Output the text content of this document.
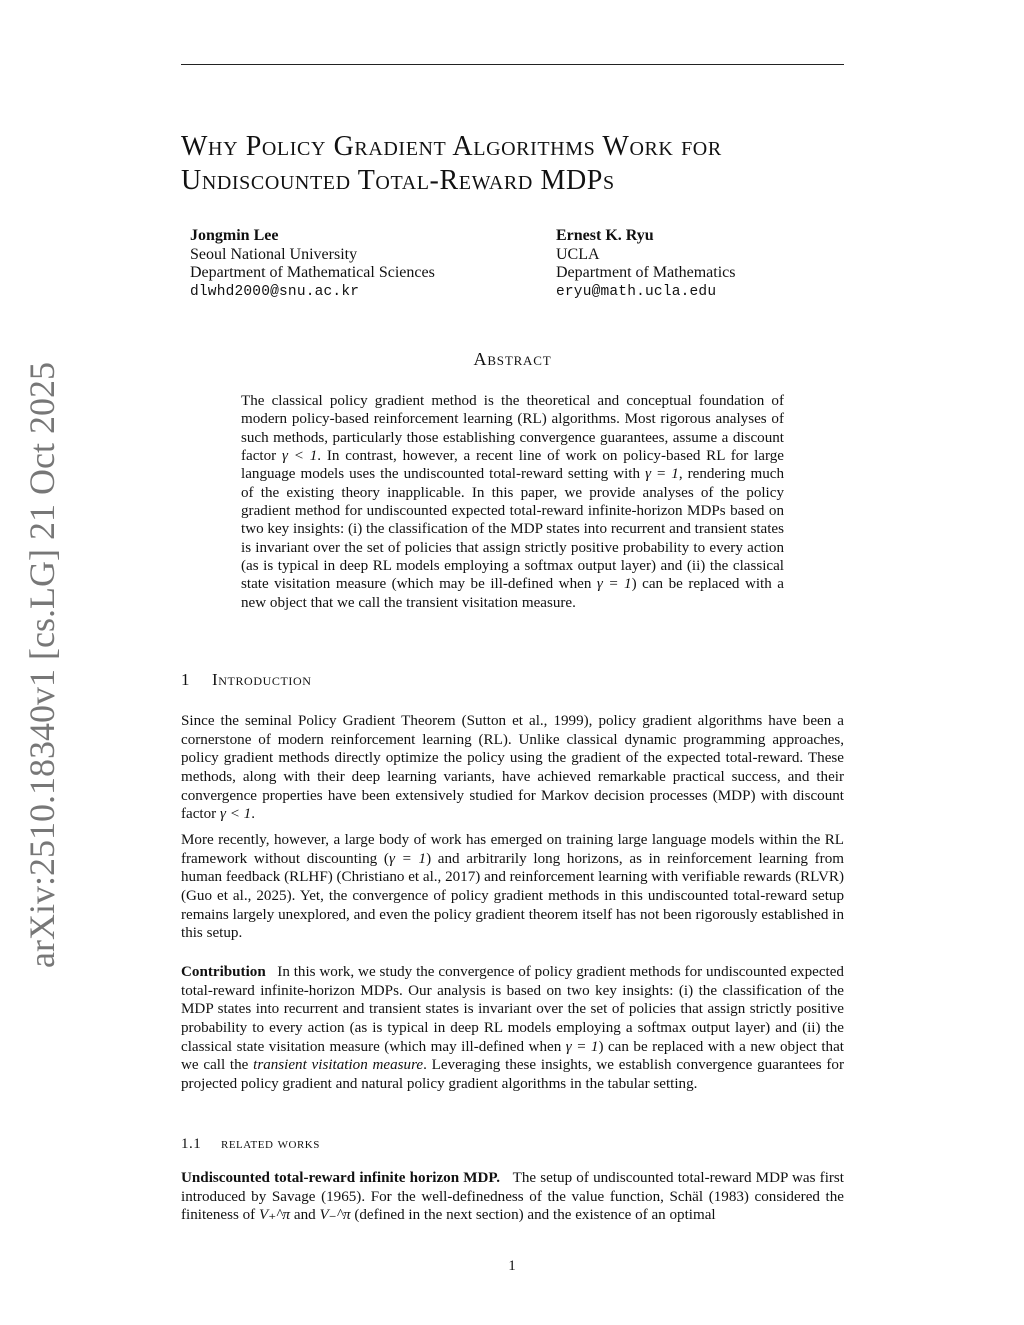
Why Policy Gradient Algorithms Work for
Undiscounted Total-Reward MDPs
Jongmin Lee
Seoul National University
Department of Mathematical Sciences
dlwhd2000@snu.ac.kr
Ernest K. Ryu
UCLA
Department of Mathematics
eryu@math.ucla.edu
Abstract
The classical policy gradient method is the theoretical and conceptual foundation of modern policy-based reinforcement learning (RL) algorithms. Most rigorous analyses of such methods, particularly those establishing convergence guarantees, assume a discount factor γ < 1. In contrast, however, a recent line of work on policy-based RL for large language models uses the undiscounted total-reward setting with γ = 1, rendering much of the existing theory inapplicable. In this paper, we provide analyses of the policy gradient method for undiscounted expected total-reward infinite-horizon MDPs based on two key insights: (i) the classification of the MDP states into recurrent and transient states is invariant over the set of policies that assign strictly positive probability to every action (as is typical in deep RL models employing a softmax output layer) and (ii) the classical state visitation measure (which may be ill-defined when γ = 1) can be replaced with a new object that we call the transient visitation measure.
1 Introduction
Since the seminal Policy Gradient Theorem (Sutton et al., 1999), policy gradient algorithms have been a cornerstone of modern reinforcement learning (RL). Unlike classical dynamic programming approaches, policy gradient methods directly optimize the policy using the gradient of the expected total-reward. These methods, along with their deep learning variants, have achieved remarkable practical success, and their convergence properties have been extensively studied for Markov decision processes (MDP) with discount factor γ < 1.
More recently, however, a large body of work has emerged on training large language models within the RL framework without discounting (γ = 1) and arbitrarily long horizons, as in reinforcement learning from human feedback (RLHF) (Christiano et al., 2017) and reinforcement learning with verifiable rewards (RLVR) (Guo et al., 2025). Yet, the convergence of policy gradient methods in this undiscounted total-reward setup remains largely unexplored, and even the policy gradient theorem itself has not been rigorously established in this setup.
Contribution In this work, we study the convergence of policy gradient methods for undiscounted expected total-reward infinite-horizon MDPs. Our analysis is based on two key insights: (i) the classification of the MDP states into recurrent and transient states is invariant over the set of policies that assign strictly positive probability to every action (as is typical in deep RL models employing a softmax output layer) and (ii) the classical state visitation measure (which may ill-defined when γ = 1) can be replaced with a new object that we call the transient visitation measure. Leveraging these insights, we establish convergence guarantees for projected policy gradient and natural policy gradient algorithms in the tabular setting.
1.1 related works
Undiscounted total-reward infinite horizon MDP. The setup of undiscounted total-reward MDP was first introduced by Savage (1965). For the well-definedness of the value function, Schäl (1983) considered the finiteness of V₊^π and V₋^π (defined in the next section) and the existence of an optimal
1
arXiv:2510.18340v1 [cs.LG] 21 Oct 2025
